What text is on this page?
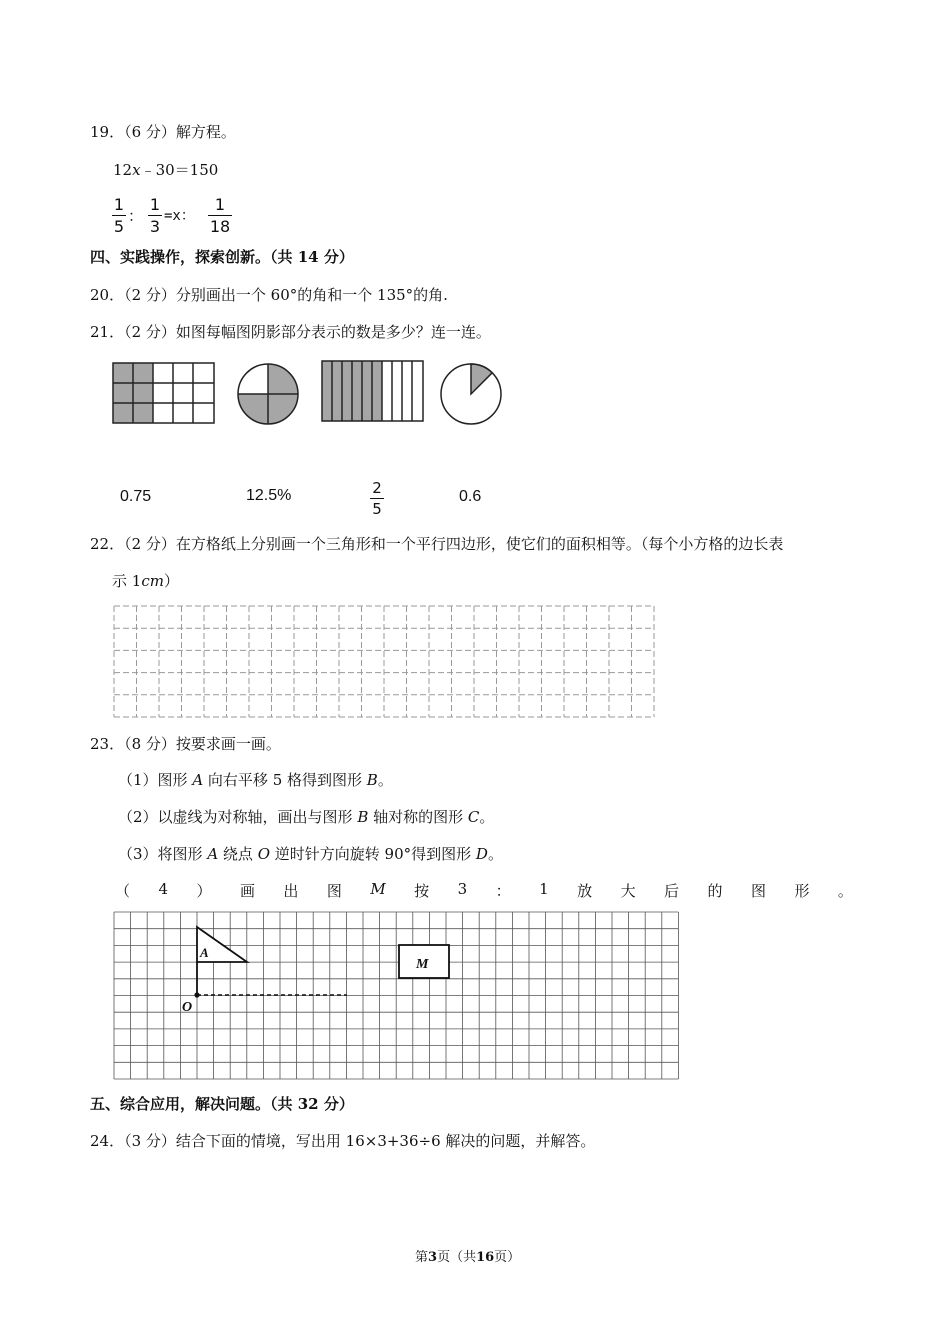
19．（6 分）解方程。
12x﹣30＝150
1
5
：
1
3
=x：
1
18
四、实践操作，探索创新。（共 14 分）
20．（2 分）分别画出一个 60°的角和一个 135°的角.
21．（2 分）如图每幅图阴影部分表示的数是多少？连一连。
0.75	12.5%	2
5
0.6
22．（2 分）在方格纸上分别画一个三角形和一个平行四边形，使它们的面积相等。（每个小方格的边长表
示 1cm）
23．（8 分）按要求画一画。
（1）图形 A 向右平移 5 格得到图形 B。
（2）以虚线为对称轴，画出与图形 B 轴对称的图形 C。
（3）将图形 A 绕点 O 逆时针方向旋转 90°得到图形 D。
（ 4 ） 画 出 图 M 按 3 ： 1 放 大 后 的 图 形 。
A
M
O
五、综合应用，解决问题。（共 32 分）
24．（3 分）结合下面的情境，写出用 16×3+36÷6 解决的问题，并解答。
第3页（共16页）
